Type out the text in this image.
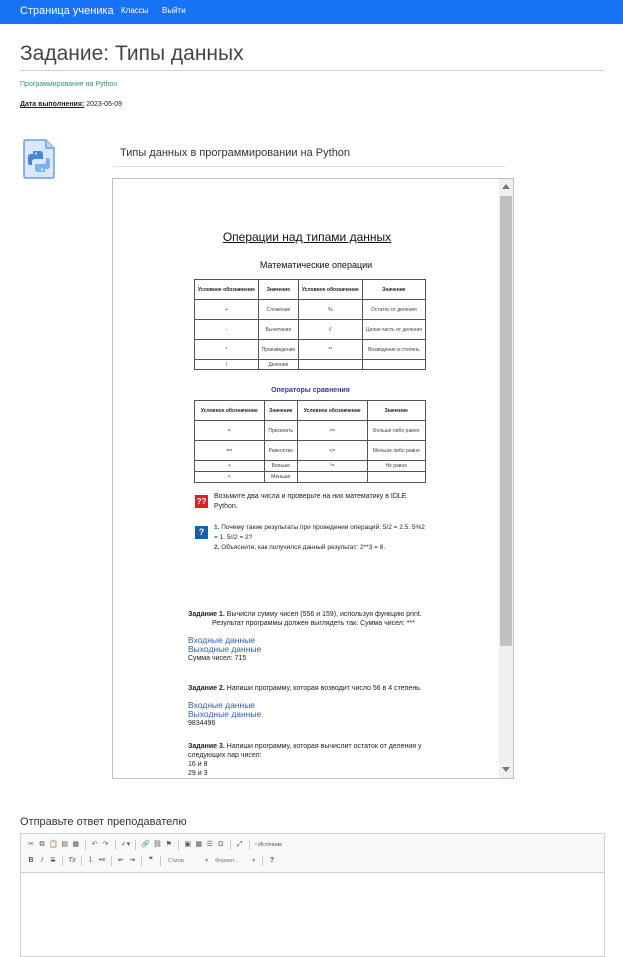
Страница ученика Классы Выйти
Задание: Типы данных
Программирование на Python
Дата выполнения: 2023-05-09
Типы данных в программировании на Python
Операции над типами данных
Математические операции
Условное обозначение	Значение	Условное обозначение	Значение
+	Сложение	%	Остаток от деления
-	Вычитание	//	Целая часть от деления
*	Произведение	**	Возведение в степень
/	Деление		
Операторы сравнения
Условное обозначение	Значение	Условное обозначение	Значение
=	Присвоить	>=	Больше либо равно
==	Равенство	<=	Меньше либо равно
>	Больше	!=	Не равно
<	Меньше		
??
Возьмите два числа и проверьте на них математику в IDLE Python.
?	1. Почему такие результаты при проведении операций: 5/2 = 2.5. 5%2 = 1. 5//2 = 2?
2. Объясните, как получился данный результат: 2**3 = 8.
Задание 1. Вычисли сумму чисел (556 и 159), используя функцию print.
Результат программы должен выглядеть так: Сумма чисел: ***
Входные данные
Выходные данные
Сумма чисел: 715
Задание 2. Напиши программу, которая возводит число 56 в 4 степень.
Входные данные
Выходные данные
9834496
Задание 3. Напиши программу, которая вычислит остаток от деления у следующих пар чисел:
16 и 8
29 и 3
Отправьте ответ преподавателю
✂ ⧉ 📋 ▤ ▦ ↶ ↷ ✓▾ 🔗 ⛓ ⚑ ▣ ▦ ☰ Ω ⤢ ▫ Источник
B	I	S Tx ⒈ •≡ ⇤ ⇥	❞	Стили	▾	Формат... ▾ ?
